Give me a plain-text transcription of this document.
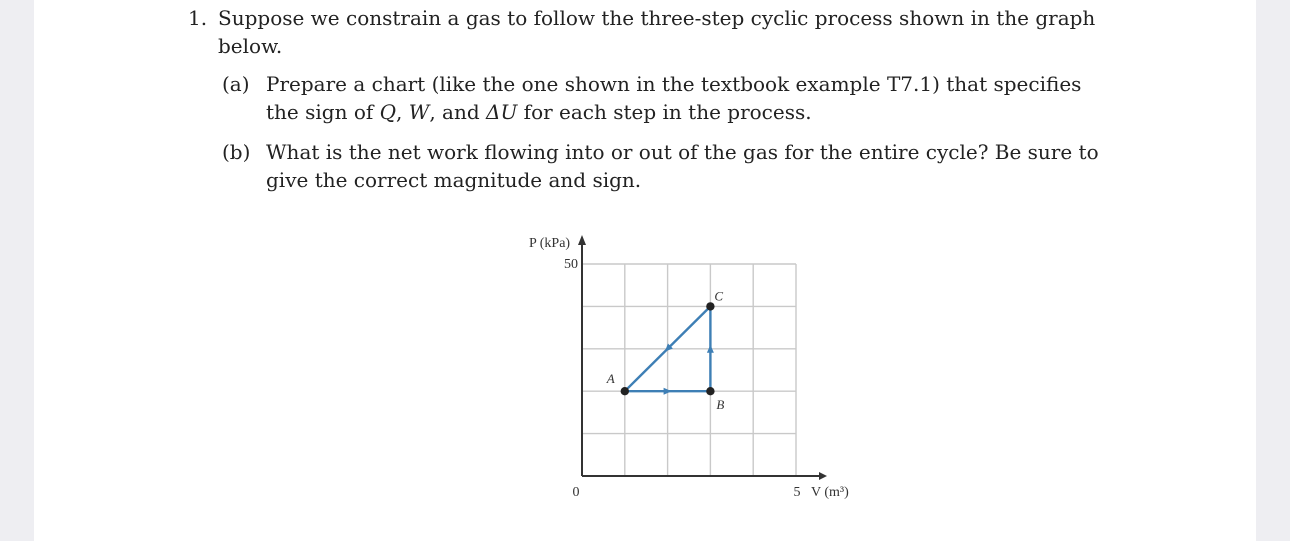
1. Suppose we constrain a gas to follow the three-step cyclic process shown in the graph
below.
(a) Prepare a chart (like the one shown in the textbook example T7.1) that specifies
the sign of Q, W, and ΔU for each step in the process.
(b) What is the net work flowing into or out of the gas for the entire cycle? Be sure to
give the correct magnitude and sign.
P (kPa)
50
0	5 V (m³)
A
B
C
